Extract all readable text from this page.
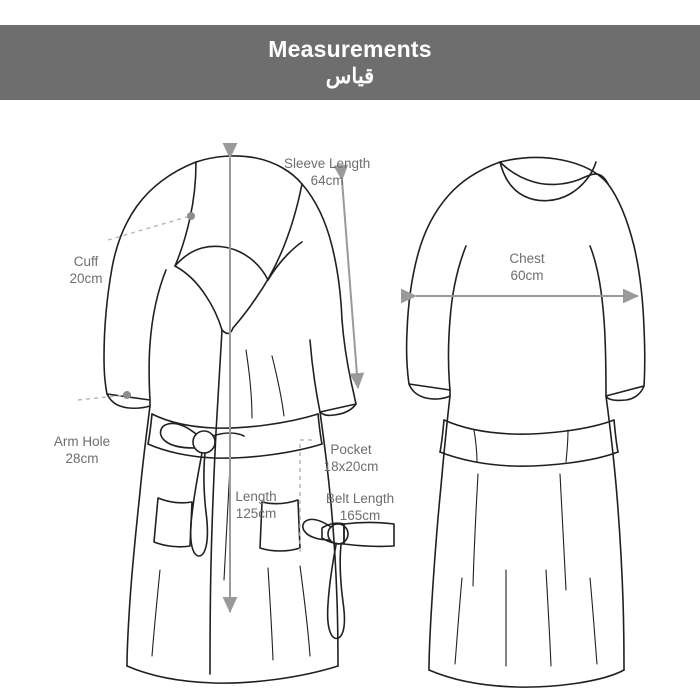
Measurements
قياس
Sleeve Length
64cm
Cuff
20cm
Arm Hole
28cm
Length
125cm
Pocket
18x20cm
Belt Length
165cm
Chest
60cm
